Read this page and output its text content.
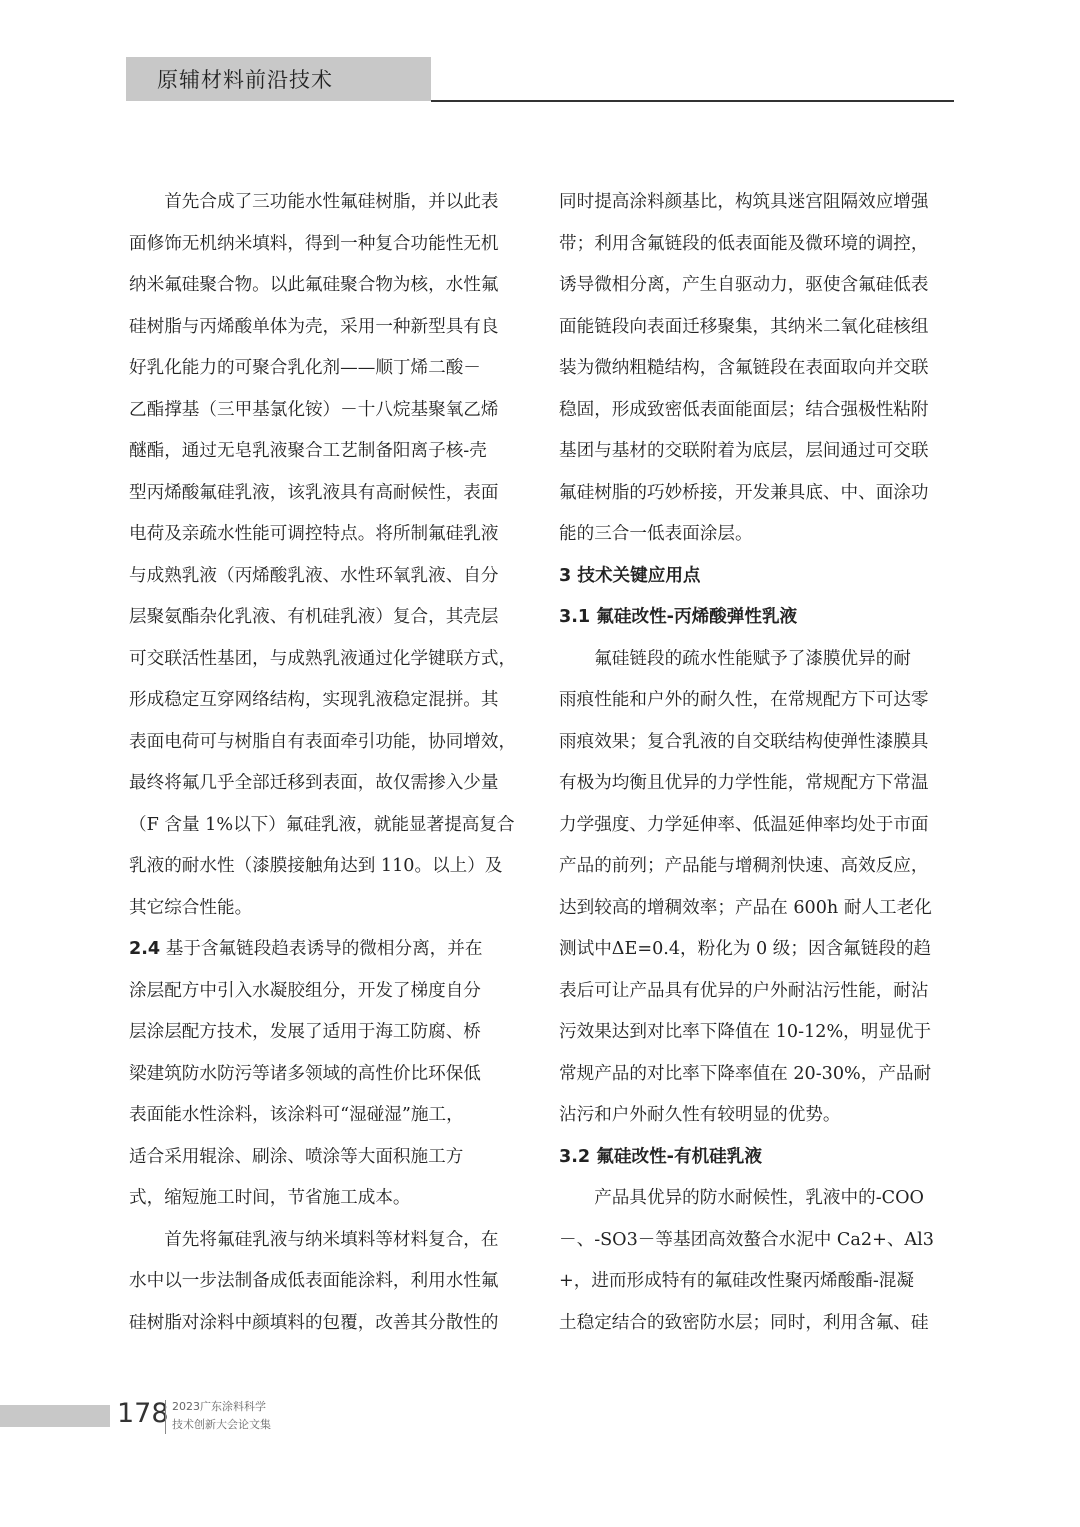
原辅材料前沿技术
　　首先合成了三功能水性氟硅树脂，并以此表
面修饰无机纳米填料，得到一种复合功能性无机
纳米氟硅聚合物。以此氟硅聚合物为核，水性氟
硅树脂与丙烯酸单体为壳，采用一种新型具有良
好乳化能力的可聚合乳化剂——顺丁烯二酸－
乙酯撑基（三甲基氯化铵）－十八烷基聚氧乙烯
醚酯，通过无皂乳液聚合工艺制备阳离子核-壳
型丙烯酸氟硅乳液，该乳液具有高耐候性，表面
电荷及亲疏水性能可调控特点。将所制氟硅乳液
与成熟乳液（丙烯酸乳液、水性环氧乳液、自分
层聚氨酯杂化乳液、有机硅乳液）复合，其壳层
可交联活性基团，与成熟乳液通过化学键联方式，
形成稳定互穿网络结构，实现乳液稳定混拼。其
表面电荷可与树脂自有表面牵引功能，协同增效，
最终将氟几乎全部迁移到表面，故仅需掺入少量
（F 含量 1%以下）氟硅乳液，就能显著提高复合
乳液的耐水性（漆膜接触角达到 110。以上）及
其它综合性能。
2.4 基于含氟链段趋表诱导的微相分离，并在
涂层配方中引入水凝胶组分，开发了梯度自分
层涂层配方技术，发展了适用于海工防腐、桥
梁建筑防水防污等诸多领域的高性价比环保低
表面能水性涂料，该涂料可“湿碰湿”施工，
适合采用辊涂、刷涂、喷涂等大面积施工方
式，缩短施工时间，节省施工成本。
　　首先将氟硅乳液与纳米填料等材料复合，在
水中以一步法制备成低表面能涂料，利用水性氟
硅树脂对涂料中颜填料的包覆，改善其分散性的
同时提高涂料颜基比，构筑具迷宫阻隔效应增强
带；利用含氟链段的低表面能及微环境的调控，
诱导微相分离，产生自驱动力，驱使含氟硅低表
面能链段向表面迁移聚集，其纳米二氧化硅核组
装为微纳粗糙结构，含氟链段在表面取向并交联
稳固，形成致密低表面能面层；结合强极性粘附
基团与基材的交联附着为底层，层间通过可交联
氟硅树脂的巧妙桥接，开发兼具底、中、面涂功
能的三合一低表面涂层。
3 技术关键应用点
3.1 氟硅改性-丙烯酸弹性乳液
　　氟硅链段的疏水性能赋予了漆膜优异的耐
雨痕性能和户外的耐久性，在常规配方下可达零
雨痕效果；复合乳液的自交联结构使弹性漆膜具
有极为均衡且优异的力学性能，常规配方下常温
力学强度、力学延伸率、低温延伸率均处于市面
产品的前列；产品能与增稠剂快速、高效反应，
达到较高的增稠效率；产品在 600h 耐人工老化
测试中ΔE=0.4，粉化为 0 级；因含氟链段的趋
表后可让产品具有优异的户外耐沾污性能，耐沾
污效果达到对比率下降值在 10-12%，明显优于
常规产品的对比率下降率值在 20-30%，产品耐
沾污和户外耐久性有较明显的优势。
3.2 氟硅改性-有机硅乳液
　　产品具优异的防水耐候性，乳液中的-COO
－、-SO3－等基团高效螯合水泥中 Ca2+、Al3
+，进而形成特有的氟硅改性聚丙烯酸酯-混凝
土稳定结合的致密防水层；同时，利用含氟、硅
178 2023广东涂料科学
技术创新大会论文集
